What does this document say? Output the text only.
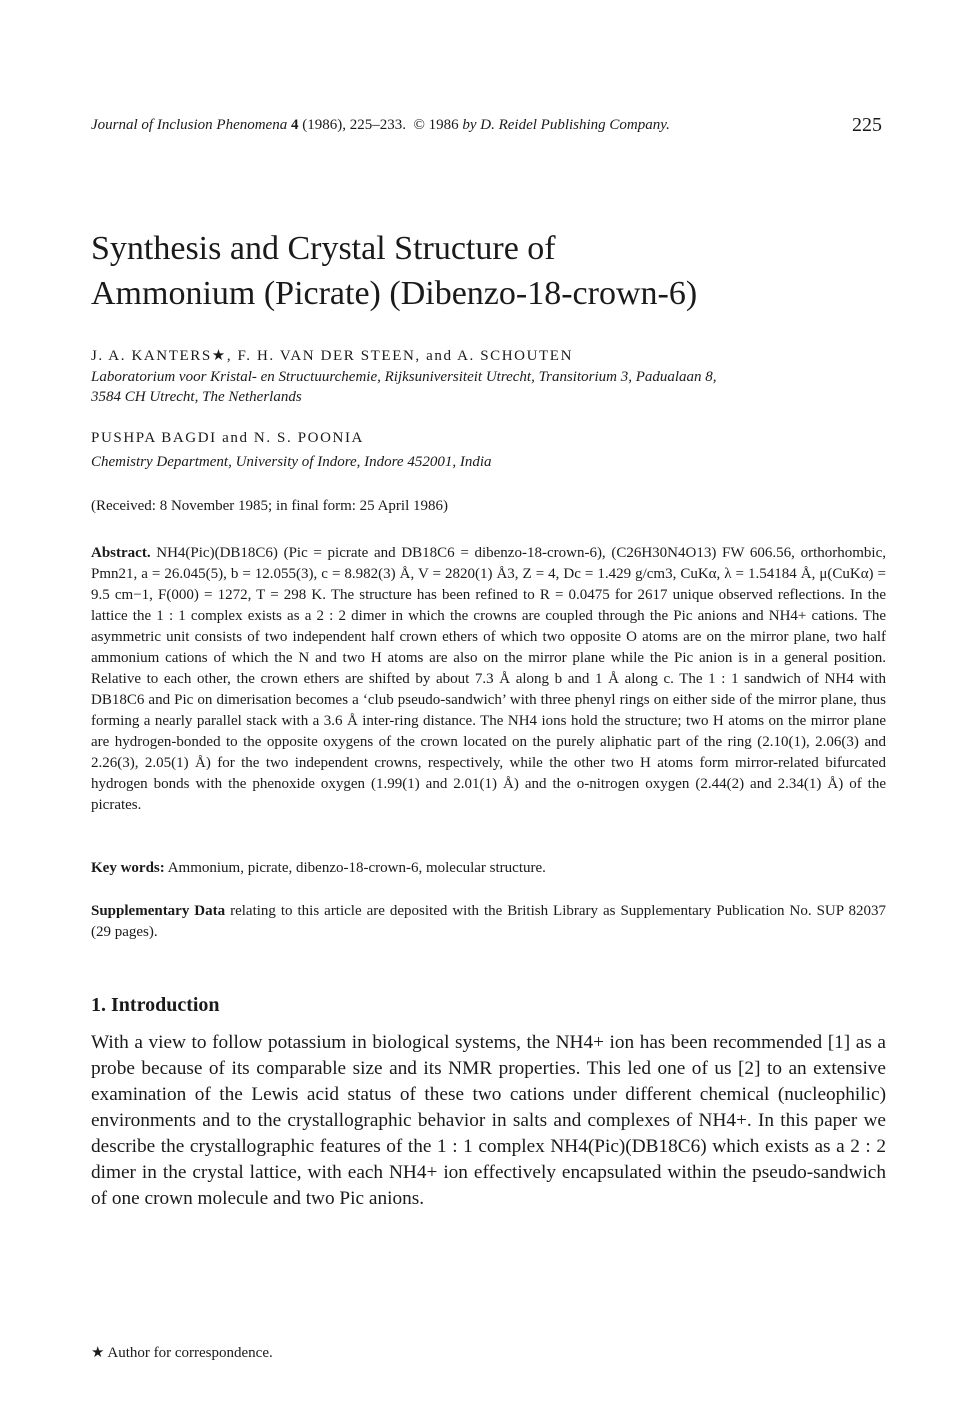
Journal of Inclusion Phenomena 4 (1986), 225–233. © 1986 by D. Reidel Publishing Company.	225
Synthesis and Crystal Structure of
Ammonium (Picrate) (Dibenzo-18-crown-6)
J. A. KANTERS★, F. H. VAN DER STEEN, and A. SCHOUTEN
Laboratorium voor Kristal- en Structuurchemie, Rijksuniversiteit Utrecht, Transitorium 3, Padualaan 8,
3584 CH Utrecht, The Netherlands
PUSHPA BAGDI and N. S. POONIA
Chemistry Department, University of Indore, Indore 452001, India
(Received: 8 November 1985; in final form: 25 April 1986)
Abstract. NH4(Pic)(DB18C6) (Pic = picrate and DB18C6 = dibenzo-18-crown-6), (C26H30N4O13) FW 606.56, orthorhombic, Pmn21, a = 26.045(5), b = 12.055(3), c = 8.982(3) Å, V = 2820(1) Å3, Z = 4, Dc = 1.429 g/cm3, CuKα, λ = 1.54184 Å, μ(CuKα) = 9.5 cm−1, F(000) = 1272, T = 298 K. The structure has been refined to R = 0.0475 for 2617 unique observed reflections. In the lattice the 1 : 1 complex exists as a 2 : 2 dimer in which the crowns are coupled through the Pic anions and NH4+ cations. The asymmetric unit consists of two independent half crown ethers of which two opposite O atoms are on the mirror plane, two half ammonium cations of which the N and two H atoms are also on the mirror plane while the Pic anion is in a general position. Relative to each other, the crown ethers are shifted by about 7.3 Å along b and 1 Å along c. The 1 : 1 sandwich of NH4 with DB18C6 and Pic on dimerisation becomes a ‘club pseudo-sandwich’ with three phenyl rings on either side of the mirror plane, thus forming a nearly parallel stack with a 3.6 Å inter-ring distance. The NH4 ions hold the structure; two H atoms on the mirror plane are hydrogen-bonded to the opposite oxygens of the crown located on the purely aliphatic part of the ring (2.10(1), 2.06(3) and 2.26(3), 2.05(1) Å) for the two independent crowns, respectively, while the other two H atoms form mirror-related bifurcated hydrogen bonds with the phenoxide oxygen (1.99(1) and 2.01(1) Å) and the o-nitrogen oxygen (2.44(2) and 2.34(1) Å) of the picrates.
Key words: Ammonium, picrate, dibenzo-18-crown-6, molecular structure.
Supplementary Data relating to this article are deposited with the British Library as Supplementary Publication No. SUP 82037 (29 pages).
1. Introduction
With a view to follow potassium in biological systems, the NH4+ ion has been recommended [1] as a probe because of its comparable size and its NMR properties. This led one of us [2] to an extensive examination of the Lewis acid status of these two cations under different chemical (nucleophilic) environments and to the crystallographic behavior in salts and complexes of NH4+. In this paper we describe the crystallographic features of the 1 : 1 complex NH4(Pic)(DB18C6) which exists as a 2 : 2 dimer in the crystal lattice, with each NH4+ ion effectively encapsulated within the pseudo-sandwich of one crown molecule and two Pic anions.
★ Author for correspondence.
